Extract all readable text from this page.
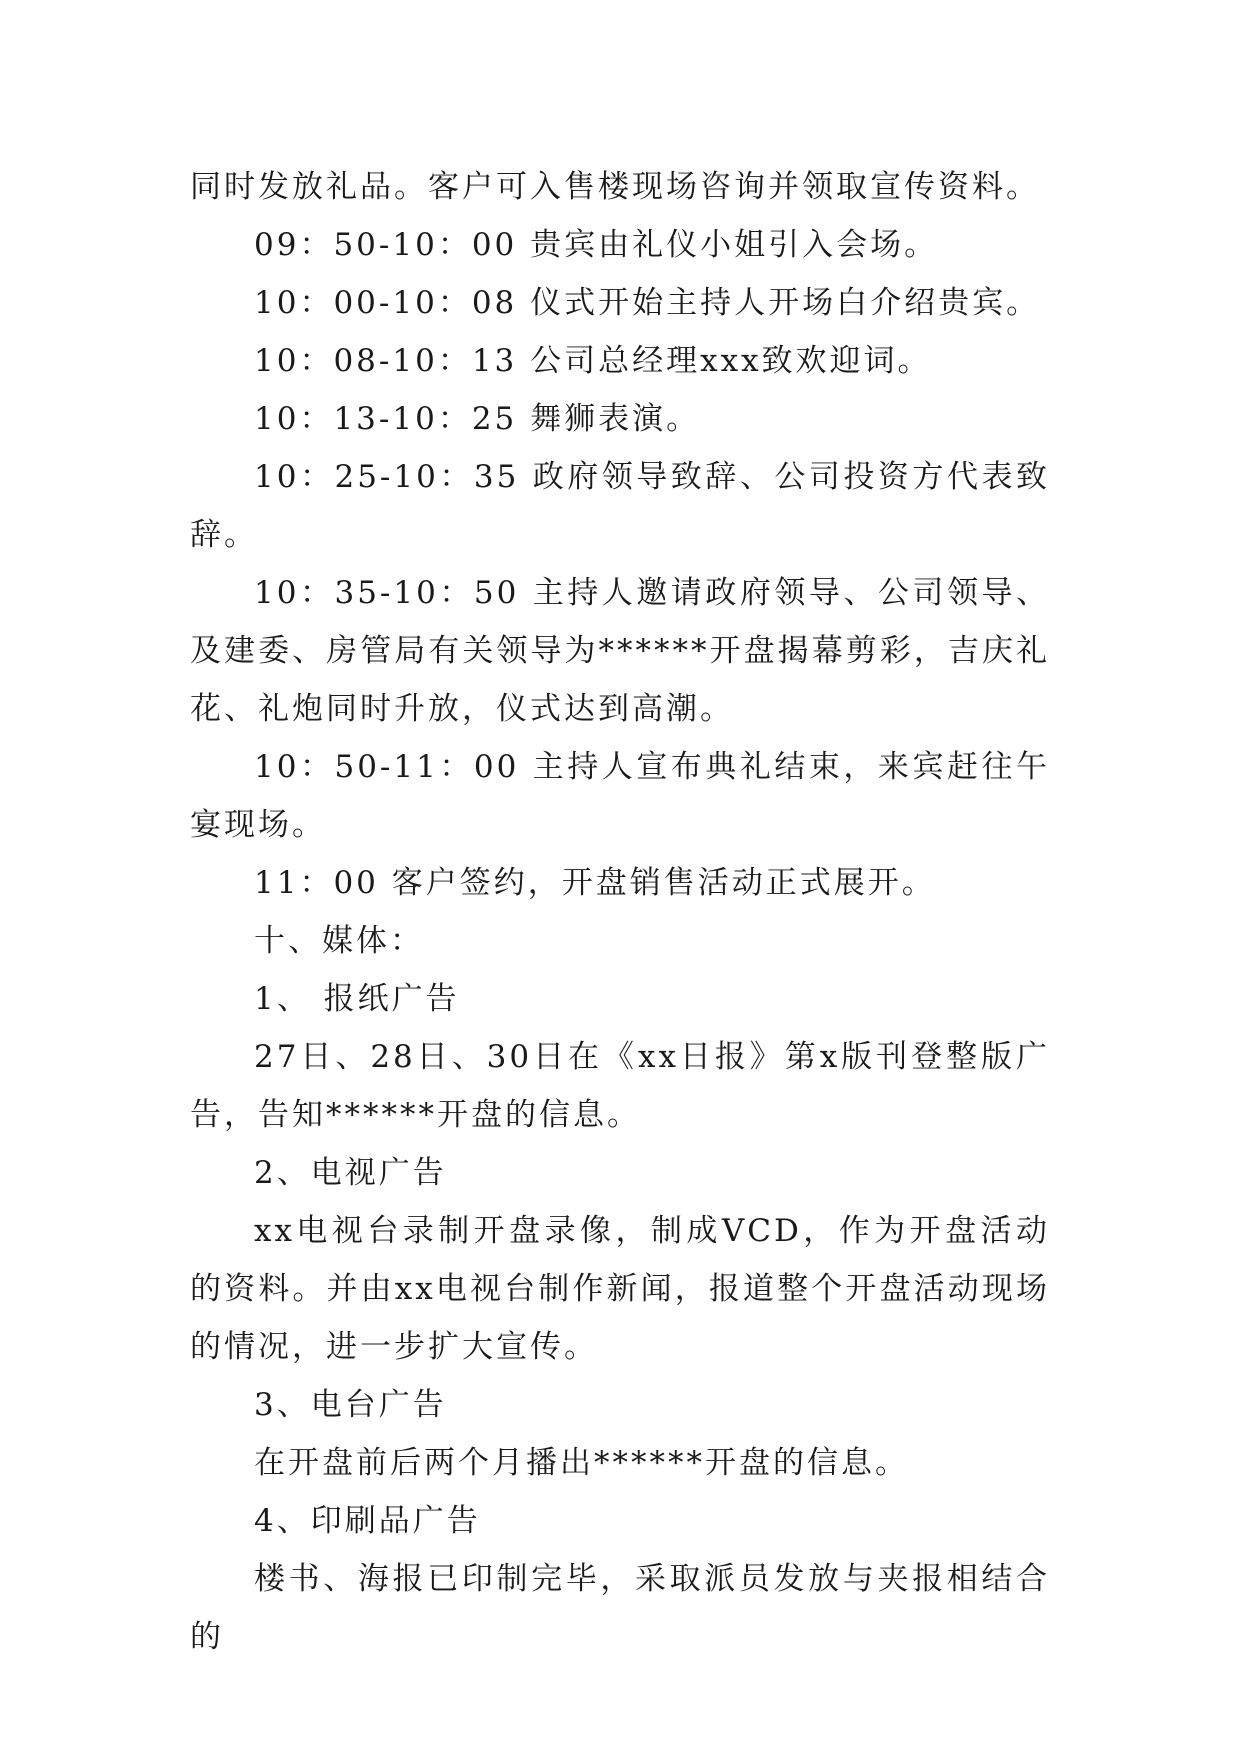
同时发放礼品。客户可入售楼现场咨询并领取宣传资料。

09：50-10：00 贵宾由礼仪小姐引入会场。

10：00-10：08 仪式开始主持人开场白介绍贵宾。

10：08-10：13 公司总经理xxx致欢迎词。

10：13-10：25 舞狮表演。

10：25-10：35 政府领导致辞、公司投资方代表致辞。

10：35-10：50 主持人邀请政府领导、公司领导、及建委、房管局有关领导为******开盘揭幕剪彩，吉庆礼花、礼炮同时升放，仪式达到高潮。

10：50-11：00 主持人宣布典礼结束，来宾赶往午宴现场。

11：00 客户签约，开盘销售活动正式展开。

十、媒体：

1、 报纸广告

27日、28日、30日在《xx日报》第x版刊登整版广告，告知******开盘的信息。

2、电视广告

xx电视台录制开盘录像，制成VCD，作为开盘活动的资料。并由xx电视台制作新闻，报道整个开盘活动现场的情况，进一步扩大宣传。

3、电台广告

在开盘前后两个月播出******开盘的信息。

4、印刷品广告

楼书、海报已印制完毕，采取派员发放与夹报相结合的
